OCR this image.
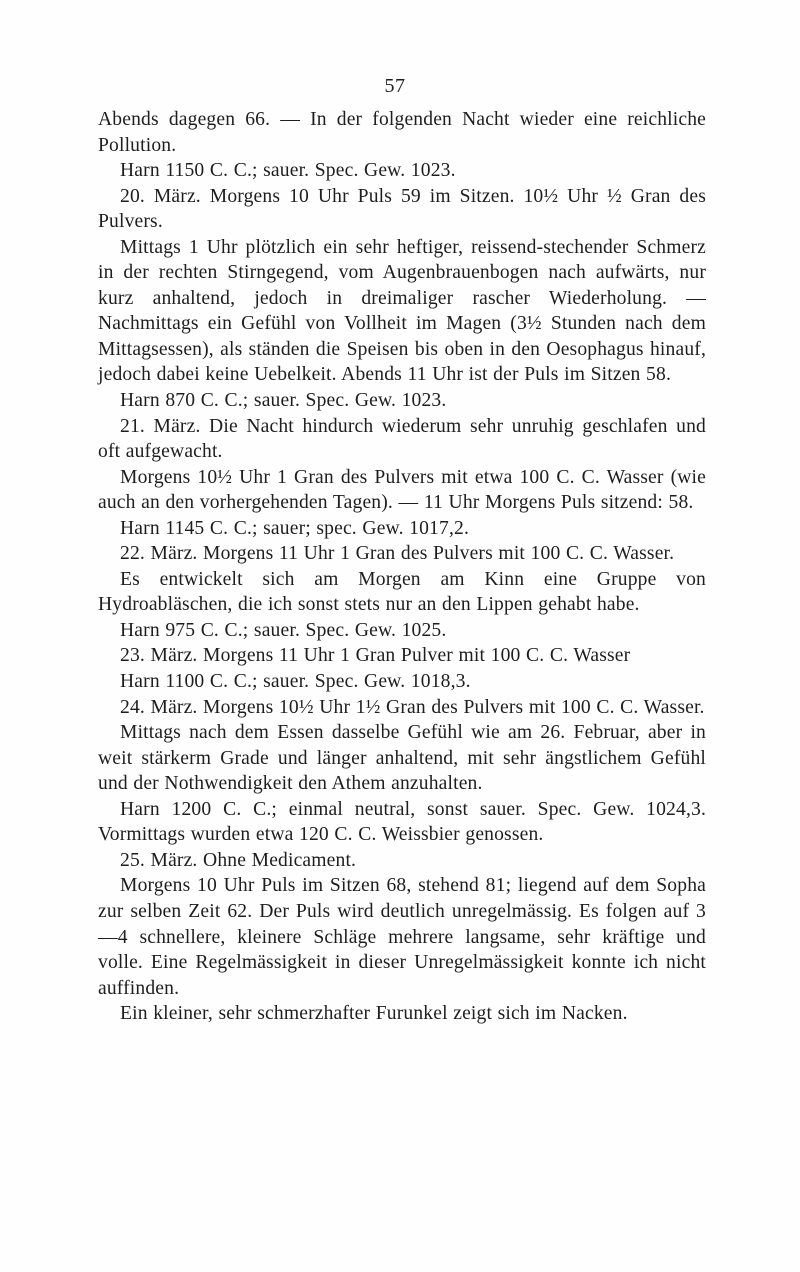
57

Abends dagegen 66. — In der folgenden Nacht wieder eine reichliche Pollution.

Harn 1150 C. C.; sauer. Spec. Gew. 1023.

20. März. Morgens 10 Uhr Puls 59 im Sitzen. 10½ Uhr ½ Gran des Pulvers.

Mittags 1 Uhr plötzlich ein sehr heftiger, reissend-stechender Schmerz in der rechten Stirngegend, vom Augenbrauenbogen nach aufwärts, nur kurz anhaltend, jedoch in dreimaliger rascher Wiederholung. — Nachmittags ein Gefühl von Vollheit im Magen (3½ Stunden nach dem Mittagsessen), als ständen die Speisen bis oben in den Oesophagus hinauf, jedoch dabei keine Uebelkeit. Abends 11 Uhr ist der Puls im Sitzen 58.

Harn 870 C. C.; sauer. Spec. Gew. 1023.

21. März. Die Nacht hindurch wiederum sehr unruhig geschlafen und oft aufgewacht.

Morgens 10½ Uhr 1 Gran des Pulvers mit etwa 100 C. C. Wasser (wie auch an den vorhergehenden Tagen). — 11 Uhr Morgens Puls sitzend: 58.

Harn 1145 C. C.; sauer; spec. Gew. 1017,2.

22. März. Morgens 11 Uhr 1 Gran des Pulvers mit 100 C. C. Wasser.

Es entwickelt sich am Morgen am Kinn eine Gruppe von Hydroabläschen, die ich sonst stets nur an den Lippen gehabt habe.

Harn 975 C. C.; sauer. Spec. Gew. 1025.

23. März. Morgens 11 Uhr 1 Gran Pulver mit 100 C. C. Wasser

Harn 1100 C. C.; sauer. Spec. Gew. 1018,3.

24. März. Morgens 10½ Uhr 1½ Gran des Pulvers mit 100 C. C. Wasser.

Mittags nach dem Essen dasselbe Gefühl wie am 26. Februar, aber in weit stärkerm Grade und länger anhaltend, mit sehr ängstlichem Gefühl und der Nothwendigkeit den Athem anzuhalten.

Harn 1200 C. C.; einmal neutral, sonst sauer. Spec. Gew. 1024,3. Vormittags wurden etwa 120 C. C. Weissbier genossen.

25. März. Ohne Medicament.

Morgens 10 Uhr Puls im Sitzen 68, stehend 81; liegend auf dem Sopha zur selben Zeit 62. Der Puls wird deutlich unregelmässig. Es folgen auf 3—4 schnellere, kleinere Schläge mehrere langsame, sehr kräftige und volle. Eine Regelmässigkeit in dieser Unregelmässigkeit konnte ich nicht auffinden.

Ein kleiner, sehr schmerzhafter Furunkel zeigt sich im Nacken.
